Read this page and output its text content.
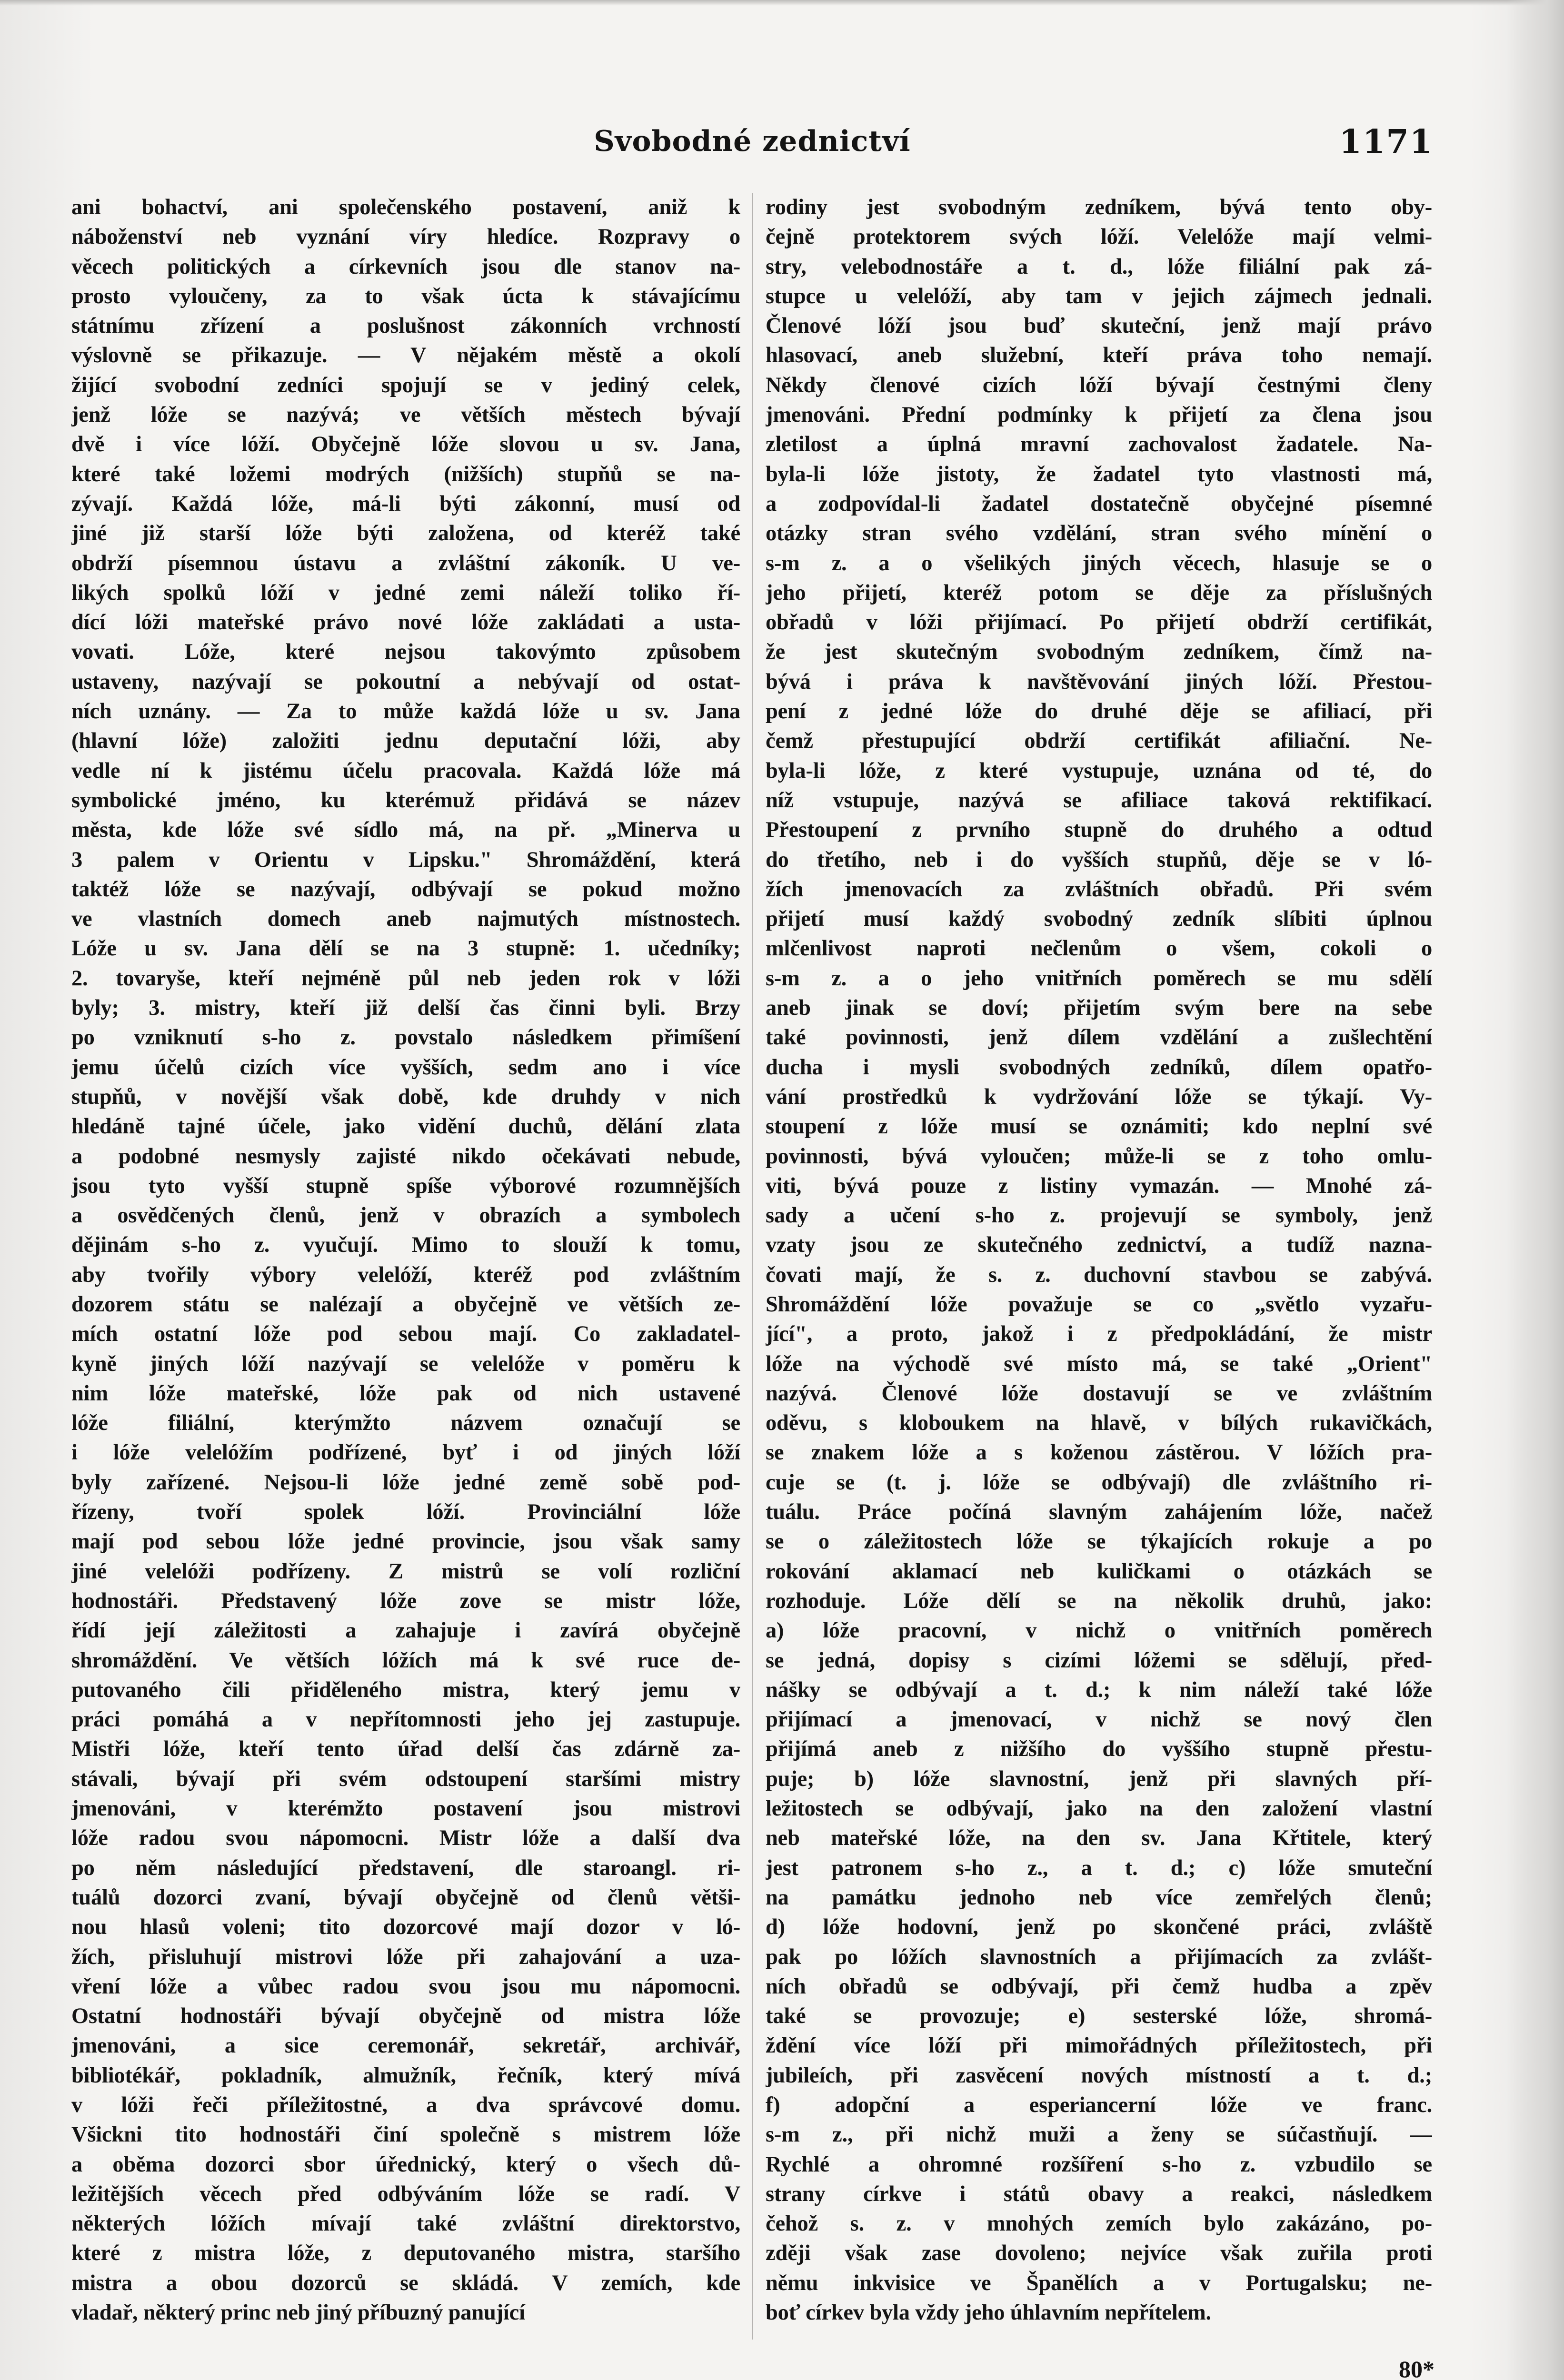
Svobodné zednictví	1171
ani bohactví, ani společenského postavení, aniž k
náboženství neb vyznání víry hledíce. Rozpravy o
věcech politických a církevních jsou dle stanov na-
prosto vyloučeny, za to však úcta k stávajícímu
státnímu zřízení a poslušnost zákonních vrchností
výslovně se přikazuje. — V nějakém městě a okolí
žijící svobodní zedníci spojují se v jediný celek,
jenž lóže se nazývá; ve větších městech bývají
dvě i více lóží. Obyčejně lóže slovou u sv. Jana,
které také ložemi modrých (nižších) stupňů se na-
zývají. Každá lóže, má-li býti zákonní, musí od
jiné již starší lóže býti založena, od kteréž také
obdrží písemnou ústavu a zvláštní zákoník. U ve-
likých spolků lóží v jedné zemi náleží toliko ří-
dící lóži mateřské právo nové lóže zakládati a usta-
vovati. Lóže, které nejsou takovýmto způsobem
ustaveny, nazývají se pokoutní a nebývají od ostat-
ních uznány. — Za to může každá lóže u sv. Jana
(hlavní lóže) založiti jednu deputační lóži, aby
vedle ní k jistému účelu pracovala. Každá lóže má
symbolické jméno, ku kterémuž přidává se název
města, kde lóže své sídlo má, na př. „Minerva u
3 palem v Orientu v Lipsku." Shromáždění, která
taktéž lóže se nazývají, odbývají se pokud možno
ve vlastních domech aneb najmutých místnostech.
Lóže u sv. Jana dělí se na 3 stupně: 1. učedníky;
2. tovaryše, kteří nejméně půl neb jeden rok v lóži
byly; 3. mistry, kteří již delší čas činni byli. Brzy
po vzniknutí s-ho z. povstalo následkem přimíšení
jemu účelů cizích více vyšších, sedm ano i více
stupňů, v novější však době, kde druhdy v nich
hledáně tajné účele, jako vidění duchů, dělání zlata
a podobné nesmysly zajisté nikdo očekávati nebude,
jsou tyto vyšší stupně spíše výborové rozumnějších
a osvědčených členů, jenž v obrazích a symbolech
dějinám s-ho z. vyučují. Mimo to slouží k tomu,
aby tvořily výbory velelóží, kteréž pod zvláštním
dozorem státu se nalézají a obyčejně ve větších ze-
mích ostatní lóže pod sebou mají. Co zakladatel-
kyně jiných lóží nazývají se velelóže v poměru k
nim lóže mateřské, lóže pak od nich ustavené
lóže filiální, kterýmžto názvem označují se
i lóže velelóžím podřízené, byť i od jiných lóží
byly zařízené. Nejsou-li lóže jedné země sobě pod-
řízeny, tvoří spolek lóží. Provinciální lóže
mají pod sebou lóže jedné provincie, jsou však samy
jiné velelóži podřízeny. Z mistrů se volí rozliční
hodnostáři. Představený lóže zove se mistr lóže,
řídí její záležitosti a zahajuje i zavírá obyčejně
shromáždění. Ve větších lóžích má k své ruce de-
putovaného čili přiděleného mistra, který jemu v
práci pomáhá a v nepřítomnosti jeho jej zastupuje.
Mistři lóže, kteří tento úřad delší čas zdárně za-
stávali, bývají při svém odstoupení staršími mistry
jmenováni, v kterémžto postavení jsou mistrovi
lóže radou svou nápomocni. Mistr lóže a další dva
po něm následující představení, dle staroangl. ri-
tuálů dozorci zvaní, bývají obyčejně od členů větši-
nou hlasů voleni; tito dozorcové mají dozor v ló-
žích, přisluhují mistrovi lóže při zahajování a uza-
vření lóže a vůbec radou svou jsou mu nápomocni.
Ostatní hodnostáři bývají obyčejně od mistra lóže
jmenováni, a sice ceremonář, sekretář, archivář,
bibliotékář, pokladník, almužník, řečník, který mívá
v lóži řeči příležitostné, a dva správcové domu.
Všickni tito hodnostáři činí společně s mistrem lóže
a oběma dozorci sbor úřednický, který o všech dů-
ležitějších věcech před odbýváním lóže se radí. V
některých lóžích mívají také zvláštní direktorstvo,
které z mistra lóže, z deputovaného mistra, staršího
mistra a obou dozorců se skládá. V zemích, kde
vladař, některý princ neb jiný příbuzný panující
rodiny jest svobodným zedníkem, bývá tento oby-
čejně protektorem svých lóží. Velelóže mají velmi-
stry, velebodnostáře a t. d., lóže filiální pak zá-
stupce u velelóží, aby tam v jejich zájmech jednali.
Členové lóží jsou buď skuteční, jenž mají právo
hlasovací, aneb služební, kteří práva toho nemají.
Někdy členové cizích lóží bývají čestnými členy
jmenováni. Přední podmínky k přijetí za člena jsou
zletilost a úplná mravní zachovalost žadatele. Na-
byla-li lóže jistoty, že žadatel tyto vlastnosti má,
a zodpovídal-li žadatel dostatečně obyčejné písemné
otázky stran svého vzdělání, stran svého mínění o
s-m z. a o všelikých jiných věcech, hlasuje se o
jeho přijetí, kteréž potom se děje za příslušných
obřadů v lóži přijímací. Po přijetí obdrží certifikát,
že jest skutečným svobodným zedníkem, čímž na-
bývá i práva k navštěvování jiných lóží. Přestou-
pení z jedné lóže do druhé děje se afiliací, při
čemž přestupující obdrží certifikát afiliační. Ne-
byla-li lóže, z které vystupuje, uznána od té, do
níž vstupuje, nazývá se afiliace taková rektifikací.
Přestoupení z prvního stupně do druhého a odtud
do třetího, neb i do vyšších stupňů, děje se v ló-
žích jmenovacích za zvláštních obřadů. Při svém
přijetí musí každý svobodný zedník slíbiti úplnou
mlčenlivost naproti nečlenům o všem, cokoli o
s-m z. a o jeho vnitřních poměrech se mu sdělí
aneb jinak se doví; přijetím svým bere na sebe
také povinnosti, jenž dílem vzdělání a zušlechtění
ducha i mysli svobodných zedníků, dílem opatřo-
vání prostředků k vydržování lóže se týkají. Vy-
stoupení z lóže musí se oznámiti; kdo neplní své
povinnosti, bývá vyloučen; může-li se z toho omlu-
viti, bývá pouze z listiny vymazán. — Mnohé zá-
sady a učení s-ho z. projevují se symboly, jenž
vzaty jsou ze skutečného zednictví, a tudíž nazna-
čovati mají, že s. z. duchovní stavbou se zabývá.
Shromáždění lóže považuje se co „světlo vyzařu-
jící", a proto, jakož i z předpokládání, že mistr
lóže na východě své místo má, se také „Orient"
nazývá. Členové lóže dostavují se ve zvláštním
oděvu, s kloboukem na hlavě, v bílých rukavičkách,
se znakem lóže a s koženou zástěrou. V lóžích pra-
cuje se (t. j. lóže se odbývají) dle zvláštního ri-
tuálu. Práce počíná slavným zahájením lóže, načež
se o záležitostech lóže se týkajících rokuje a po
rokování aklamací neb kuličkami o otázkách se
rozhoduje. Lóže dělí se na několik druhů, jako:
a) lóže pracovní, v nichž o vnitřních poměrech
se jedná, dopisy s cizími lóžemi se sdělují, před-
nášky se odbývají a t. d.; k nim náleží také lóže
přijímací a jmenovací, v nichž se nový člen
přijímá aneb z nižšího do vyššího stupně přestu-
puje; b) lóže slavnostní, jenž při slavných pří-
ležitostech se odbývají, jako na den založení vlastní
neb mateřské lóže, na den sv. Jana Křtitele, který
jest patronem s-ho z., a t. d.; c) lóže smuteční
na památku jednoho neb více zemřelých členů;
d) lóže hodovní, jenž po skončené práci, zvláště
pak po lóžích slavnostních a přijímacích za zvlášt-
ních obřadů se odbývají, při čemž hudba a zpěv
také se provozuje; e) sesterské lóže, shromá-
ždění více lóží při mimořádných příležitostech, při
jubileích, při zasvěcení nových místností a t. d.;
f) adopční a esperiancerní lóže ve franc.
s-m z., při nichž muži a ženy se súčastňují. —
Rychlé a ohromné rozšíření s-ho z. vzbudilo se
strany církve i států obavy a reakci, následkem
čehož s. z. v mnohých zemích bylo zakázáno, po-
zději však zase dovoleno; nejvíce však zuřila proti
němu inkvisice ve Španělích a v Portugalsku; ne-
boť církev byla vždy jeho úhlavním nepřítelem.
80*
